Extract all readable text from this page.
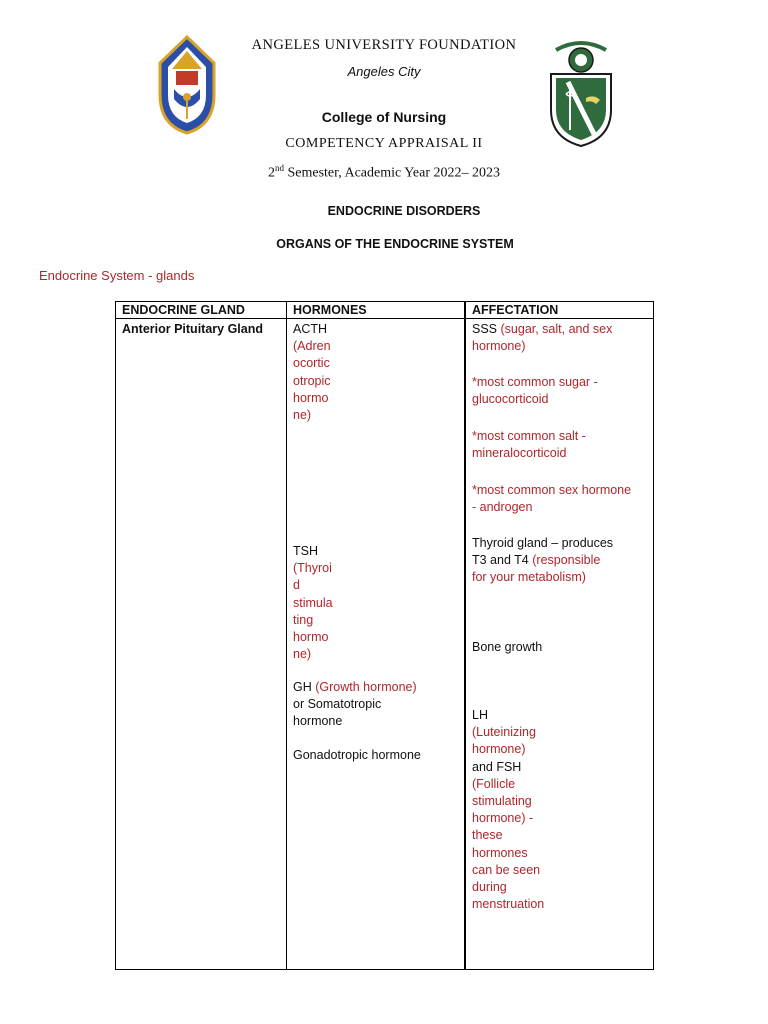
ANGELES UNIVERSITY FOUNDATION
Angeles City
College of Nursing
COMPETENCY APPRAISAL II
2nd Semester, Academic Year 2022– 2023
ENDOCRINE DISORDERS
ORGANS OF THE ENDOCRINE SYSTEM
Endocrine System - glands
ENDOCRINE GLAND	HORMONES	AFFECTATION
Anterior Pituitary Gland ACTH

(Adren

ocortic

otropic

hormo

ne)

TSH

(Thyroi

d

stimula

ting

hormo

ne)

GH (Growth hormone)

or Somatotropic

hormone

Gonadotropic hormone

SSS (sugar, salt, and sex

hormone)

*most common sugar -

glucocorticoid

*most common salt -

mineralocorticoid

*most common sex hormone

- androgen

Thyroid gland – produces

T3 and T4 (responsible

for your metabolism)

Bone growth

LH

(Luteinizing

hormone)

and FSH

(Follicle

stimulating

hormone) -

these

hormones

can be seen

during

menstruation
